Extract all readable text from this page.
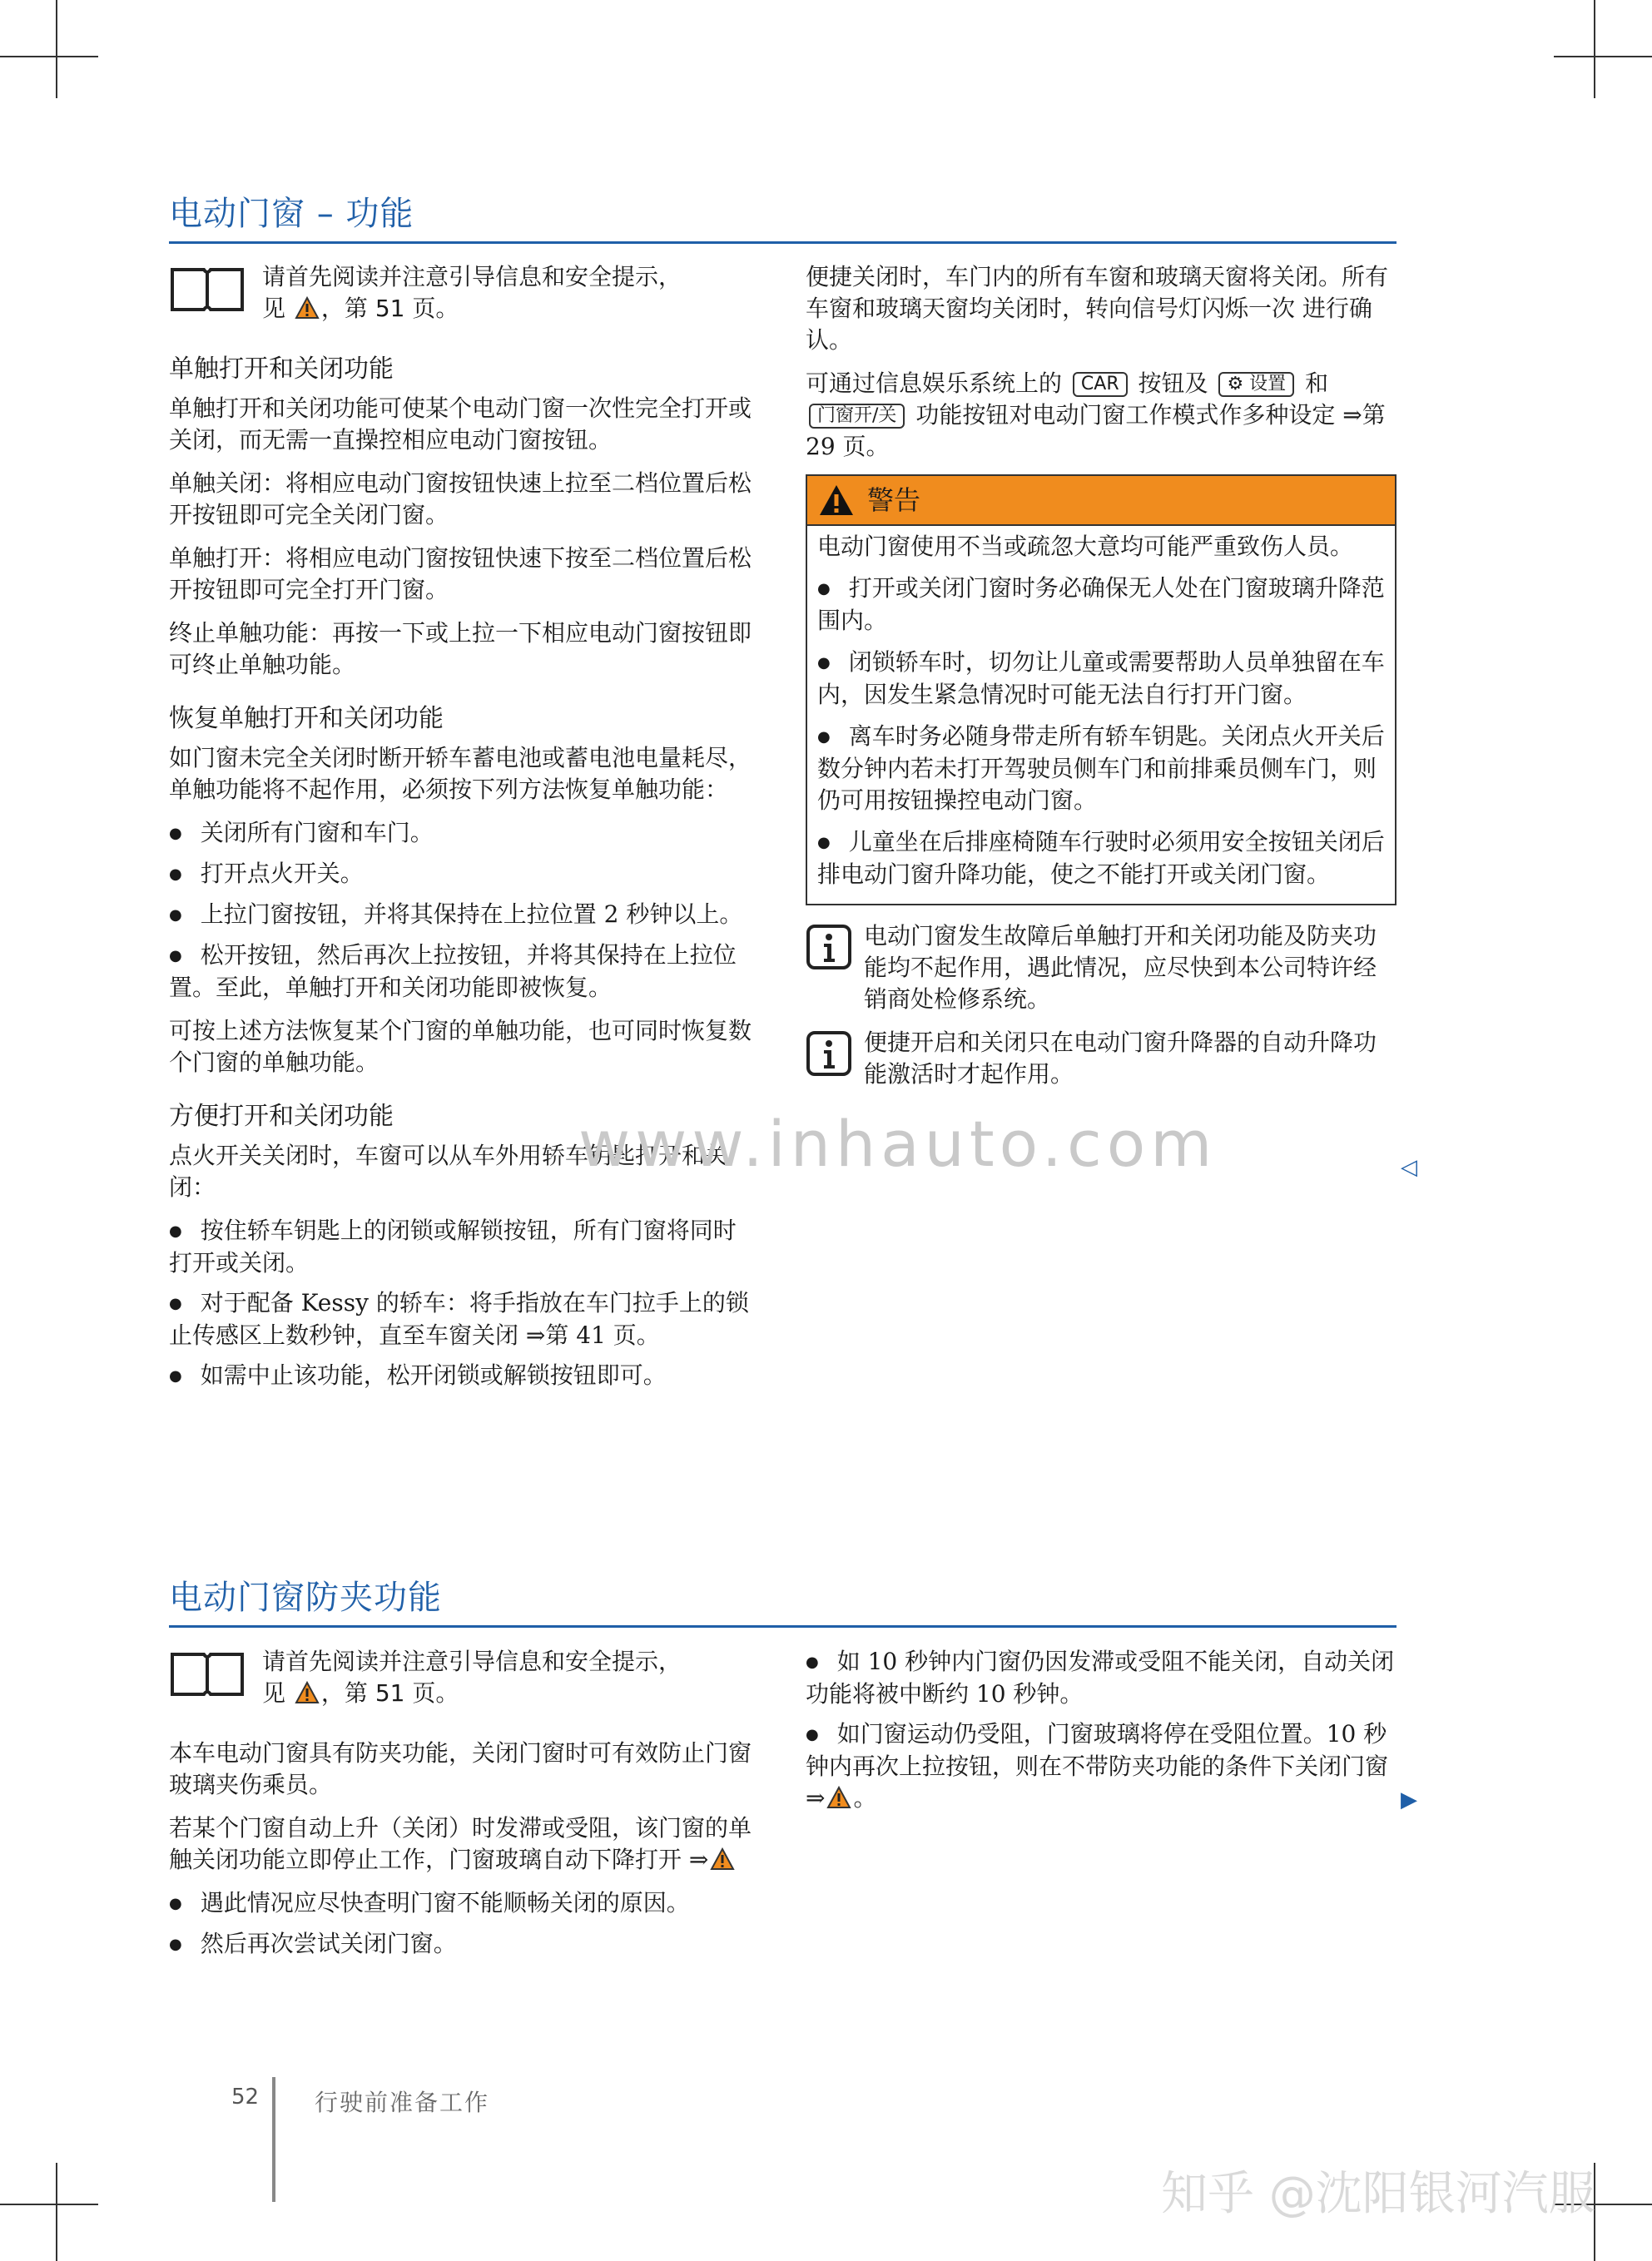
电动门窗 – 功能
请首先阅读并注意引导信息和安全提示，
见 ，第 51 页。
单触打开和关闭功能

单触打开和关闭功能可使某个电动门窗一次性完全打开或关闭，而无需一直操控相应电动门窗按钮。

单触关闭：将相应电动门窗按钮快速上拉至二档位置后松开按钮即可完全关闭门窗。

单触打开：将相应电动门窗按钮快速下按至二档位置后松开按钮即可完全打开门窗。

终止单触功能：再按一下或上拉一下相应电动门窗按钮即可终止单触功能。

恢复单触打开和关闭功能

如门窗未完全关闭时断开轿车蓄电池或蓄电池电量耗尽，单触功能将不起作用，必须按下列方法恢复单触功能：

● 关闭所有门窗和车门。
● 打开点火开关。
● 上拉门窗按钮，并将其保持在上拉位置 2 秒钟以上。
● 松开按钮，然后再次上拉按钮，并将其保持在上拉位置。至此，单触打开和关闭功能即被恢复。

可按上述方法恢复某个门窗的单触功能，也可同时恢复数个门窗的单触功能。

方便打开和关闭功能

点火开关关闭时，车窗可以从车外用轿车钥匙打开和关闭：

● 按住轿车钥匙上的闭锁或解锁按钮，所有门窗将同时打开或关闭。
● 对于配备 Kessy 的轿车：将手指放在车门拉手上的锁止传感区上数秒钟，直至车窗关闭 ⇒第 41 页。
● 如需中止该功能，松开闭锁或解锁按钮即可。

便捷关闭时，车门内的所有车窗和玻璃天窗将关闭。所有车窗和玻璃天窗均关闭时，转向信号灯闪烁一次 进行确认。

可通过信息娱乐系统上的 CAR 按钮及 ⚙ 设置 和 门窗开/关 功能按钮对电动门窗工作模式作多种设定 ⇒第 29 页。

警告

电动门窗使用不当或疏忽大意均可能严重致伤人员。

● 打开或关闭门窗时务必确保无人处在门窗玻璃升降范围内。

● 闭锁轿车时，切勿让儿童或需要帮助人员单独留在车内，因发生紧急情况时可能无法自行打开门窗。

● 离车时务必随身带走所有轿车钥匙。关闭点火开关后数分钟内若未打开驾驶员侧车门和前排乘员侧车门，则仍可用按钮操控电动门窗。

● 儿童坐在后排座椅随车行驶时必须用安全按钮关闭后排电动门窗升降功能，使之不能打开或关闭门窗。

电动门窗发生故障后单触打开和关闭功能及防夹功能均不起作用，遇此情况，应尽快到本公司特许经销商处检修系统。
便捷开启和关闭只在电动门窗升降器的自动升降功能激活时才起作用。
◁
www.inhauto.com
电动门窗防夹功能
请首先阅读并注意引导信息和安全提示，
见 ，第 51 页。

本车电动门窗具有防夹功能，关闭门窗时可有效防止门窗玻璃夹伤乘员。

若某个门窗自动上升（关闭）时发滞或受阻，该门窗的单触关闭功能立即停止工作，门窗玻璃自动下降打开 ⇒

● 遇此情况应尽快查明门窗不能顺畅关闭的原因。
● 然后再次尝试关闭门窗。
● 如 10 秒钟内门窗仍因发滞或受阻不能关闭，自动关闭功能将被中断约 10 秒钟。
● 如门窗运动仍受阻，门窗玻璃将停在受阻位置。10 秒钟内再次上拉按钮，则在不带防夹功能的条件下关闭门窗 ⇒ 。	▶
52 行驶前准备工作
知乎 @沈阳银河汽服
